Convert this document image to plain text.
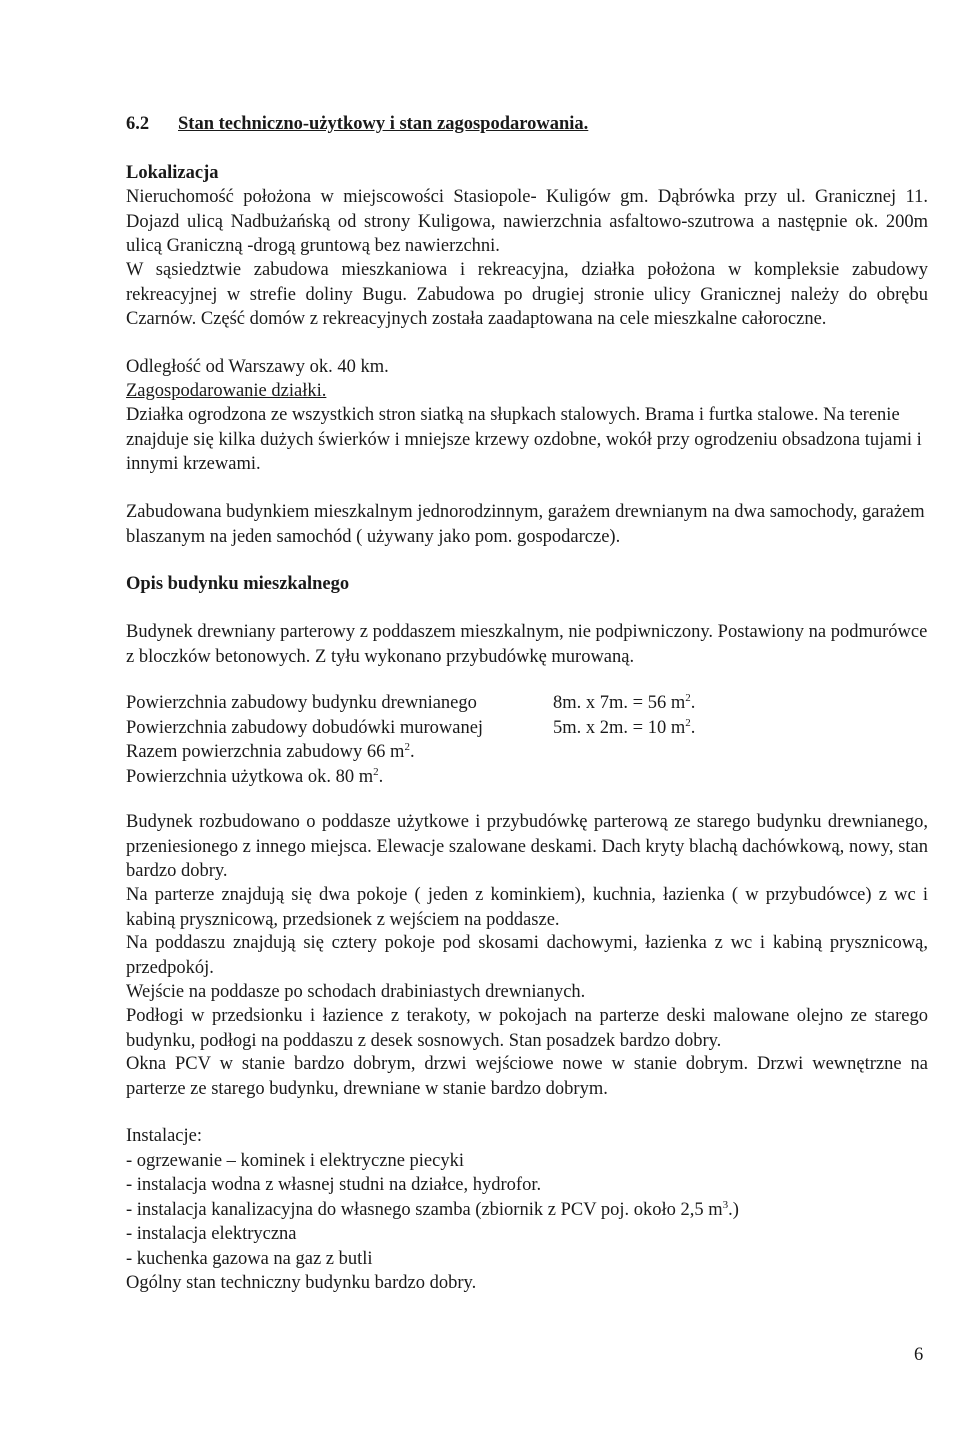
6.2 Stan techniczno-użytkowy i stan zagospodarowania.
Lokalizacja
Nieruchomość położona w miejscowości Stasiopole- Kuligów gm. Dąbrówka przy ul. Granicznej 11. Dojazd ulicą Nadbużańską od strony Kuligowa, nawierzchnia asfaltowo-szutrowa a następnie ok. 200m ulicą Graniczną -drogą gruntową bez nawierzchni.
W sąsiedztwie zabudowa mieszkaniowa i rekreacyjna, działka położona w kompleksie zabudowy rekreacyjnej w strefie doliny Bugu. Zabudowa po drugiej stronie ulicy Granicznej należy do obrębu Czarnów. Część domów z rekreacyjnych została zaadaptowana na cele mieszkalne całoroczne.
Odległość od Warszawy ok. 40 km.
Zagospodarowanie działki.
Działka ogrodzona ze wszystkich stron siatką na słupkach stalowych. Brama i furtka stalowe. Na terenie znajduje się kilka dużych świerków i mniejsze krzewy ozdobne, wokół przy ogrodzeniu obsadzona tujami i innymi krzewami.
Zabudowana budynkiem mieszkalnym jednorodzinnym, garażem drewnianym na dwa samochody, garażem blaszanym na jeden samochód ( używany jako pom. gospodarcze).
Opis budynku mieszkalnego
Budynek drewniany parterowy z poddaszem mieszkalnym, nie podpiwniczony. Postawiony na podmurówce z bloczków betonowych. Z tyłu wykonano przybudówkę murowaną.
Powierzchnia zabudowy budynku drewnianego	8m. x 7m. = 56 $m^2$.
Powierzchnia zabudowy dobudówki murowanej	5m. x 2m. = 10 $m^2$.
Razem powierzchnia zabudowy 66 $m^2$.
Powierzchnia użytkowa ok. 80 $m^2$.
Budynek rozbudowano o poddasze użytkowe i przybudówkę parterową ze starego budynku drewnianego, przeniesionego z innego miejsca. Elewacje szalowane deskami. Dach kryty blachą dachówkową, nowy, stan bardzo dobry.
Na parterze znajdują się dwa pokoje ( jeden z kominkiem), kuchnia, łazienka ( w przybudówce) z wc i kabiną prysznicową, przedsionek z wejściem na poddasze.
Na poddaszu znajdują się cztery pokoje pod skosami dachowymi, łazienka z wc i kabiną prysznicową, przedpokój.
Wejście na poddasze po schodach drabiniastych drewnianych.
Podłogi w przedsionku i łazience z terakoty, w pokojach na parterze deski malowane olejno ze starego budynku, podłogi na poddaszu z desek sosnowych. Stan posadzek bardzo dobry.
Okna PCV w stanie bardzo dobrym, drzwi wejściowe nowe w stanie dobrym. Drzwi wewnętrzne na parterze ze starego budynku, drewniane w stanie bardzo dobrym.
Instalacje:
- ogrzewanie – kominek i elektryczne piecyki
- instalacja wodna z własnej studni na działce, hydrofor.
- instalacja kanalizacyjna do własnego szamba (zbiornik z PCV poj. około 2,5 $m^3$.)
- instalacja elektryczna
- kuchenka gazowa na gaz z butli
Ogólny stan techniczny budynku bardzo dobry.
6
